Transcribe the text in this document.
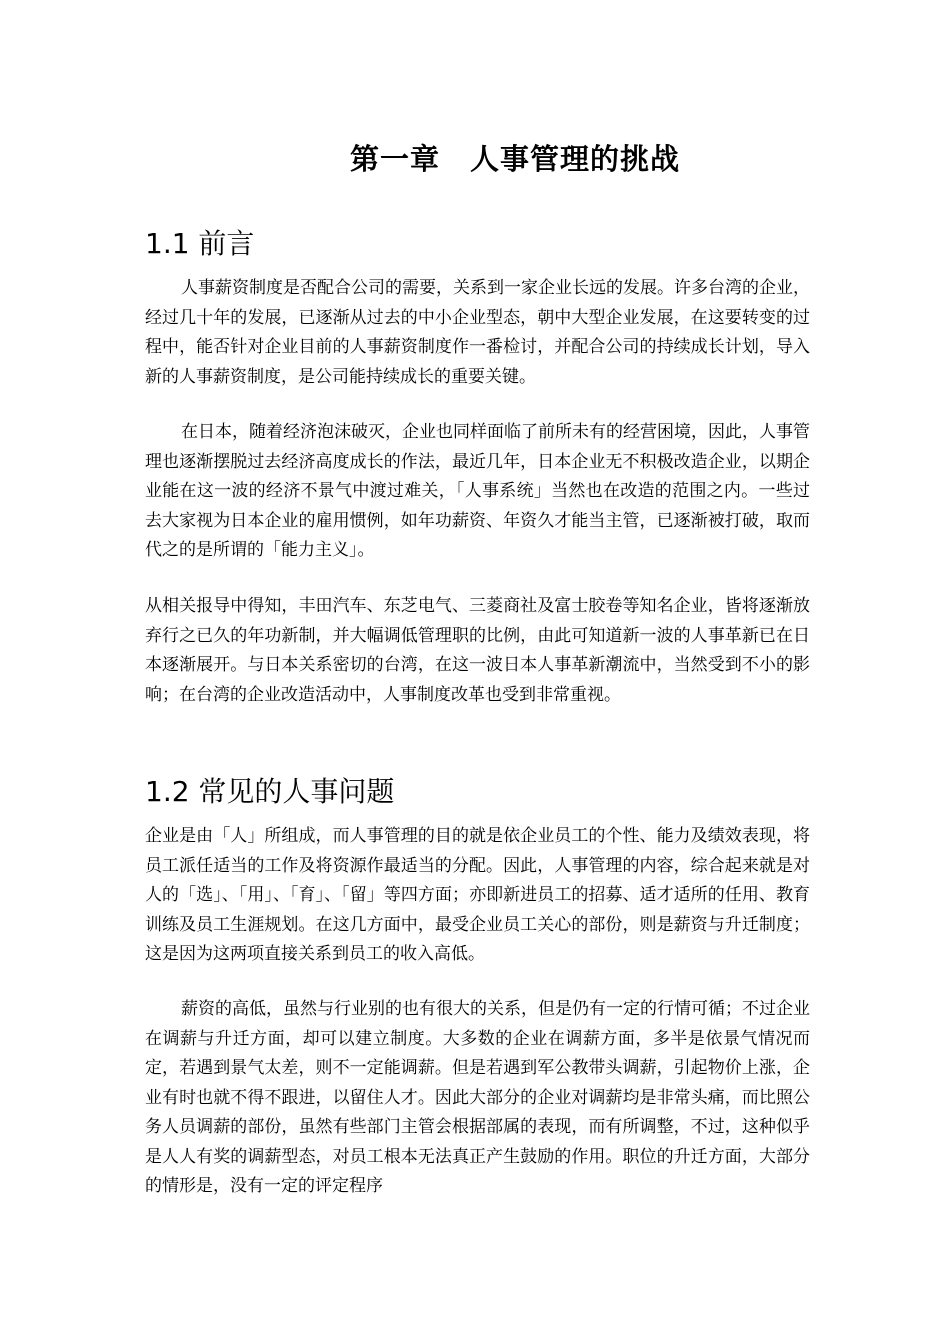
第一章　人事管理的挑战
1.1 前言

人事薪资制度是否配合公司的需要，关系到一家企业长远的发展。许多台湾的企业，经过几十年的发展，已逐渐从过去的中小企业型态，朝中大型企业发展，在这要转变的过程中，能否针对企业目前的人事薪资制度作一番检讨，并配合公司的持续成长计划，导入新的人事薪资制度，是公司能持续成长的重要关键。

在日本，随着经济泡沫破灭，企业也同样面临了前所未有的经营困境，因此，人事管理也逐渐摆脱过去经济高度成长的作法，最近几年，日本企业无不积极改造企业，以期企业能在这一波的经济不景气中渡过难关，「人事系统」当然也在改造的范围之内。一些过去大家视为日本企业的雇用惯例，如年功薪资、年资久才能当主管，已逐渐被打破，取而代之的是所谓的「能力主义」。

从相关报导中得知，丰田汽车、东芝电气、三菱商社及富士胶卷等知名企业，皆将逐渐放弃行之已久的年功新制，并大幅调低管理职的比例，由此可知道新一波的人事革新已在日本逐渐展开。与日本关系密切的台湾，在这一波日本人事革新潮流中，当然受到不小的影响；在台湾的企业改造活动中，人事制度改革也受到非常重视。

1.2 常见的人事问题

企业是由「人」所组成，而人事管理的目的就是依企业员工的个性、能力及绩效表现，将员工派任适当的工作及将资源作最适当的分配。因此，人事管理的内容，综合起来就是对人的「选」、「用」、「育」、「留」等四方面；亦即新进员工的招募、适才适所的任用、教育训练及员工生涯规划。在这几方面中，最受企业员工关心的部份，则是薪资与升迁制度；这是因为这两项直接关系到员工的收入高低。

薪资的高低，虽然与行业别的也有很大的关系，但是仍有一定的行情可循；不过企业在调薪与升迁方面，却可以建立制度。大多数的企业在调薪方面，多半是依景气情况而定，若遇到景气太差，则不一定能调薪。但是若遇到军公教带头调薪，引起物价上涨，企业有时也就不得不跟进，以留住人才。因此大部分的企业对调薪均是非常头痛，而比照公务人员调薪的部份，虽然有些部门主管会根据部属的表现，而有所调整，不过，这种似乎是人人有奖的调薪型态，对员工根本无法真正产生鼓励的作用。职位的升迁方面，大部分的情形是，没有一定的评定程序
